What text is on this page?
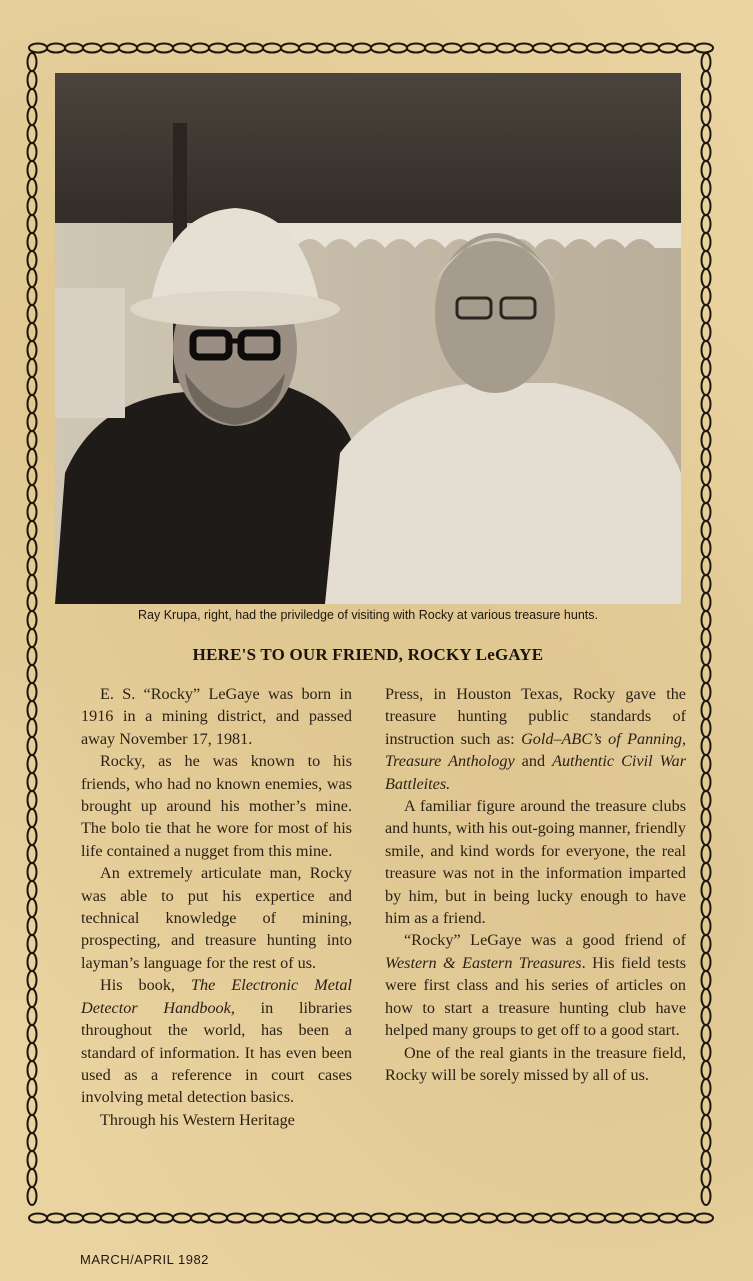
Ray Krupa, right, had the priviledge of visiting with Rocky at various treasure hunts.
HERE'S TO OUR FRIEND, ROCKY LeGAYE

E. S. “Rocky” LeGaye was born in 1916 in a mining district, and passed away November 17, 1981.

Rocky, as he was known to his friends, who had no known enemies, was brought up around his mother’s mine. The bolo tie that he wore for most of his life contained a nugget from this mine.

An extremely articulate man, Rocky was able to put his expertice and technical knowledge of mining, prospecting, and treasure hunting into layman’s language for the rest of us.

His book, The Electronic Metal Detector Handbook, in libraries throughout the world, has been a standard of information. It has even been used as a reference in court cases involving metal detection basics.

Through his Western Heritage

Press, in Houston Texas, Rocky gave the treasure hunting public standards of instruction such as: Gold–ABC’s of Panning, Treasure Anthology and Authentic Civil War Battleites.

A familiar figure around the treasure clubs and hunts, with his out-going manner, friendly smile, and kind words for everyone, the real treasure was not in the information imparted by him, but in being lucky enough to have him as a friend.

“Rocky” LeGaye was a good friend of Western & Eastern Treasures. His field tests were first class and his series of articles on how to start a treasure hunting club have helped many groups to get off to a good start.

One of the real giants in the treasure field, Rocky will be sorely missed by all of us.

MARCH/APRIL 1982
